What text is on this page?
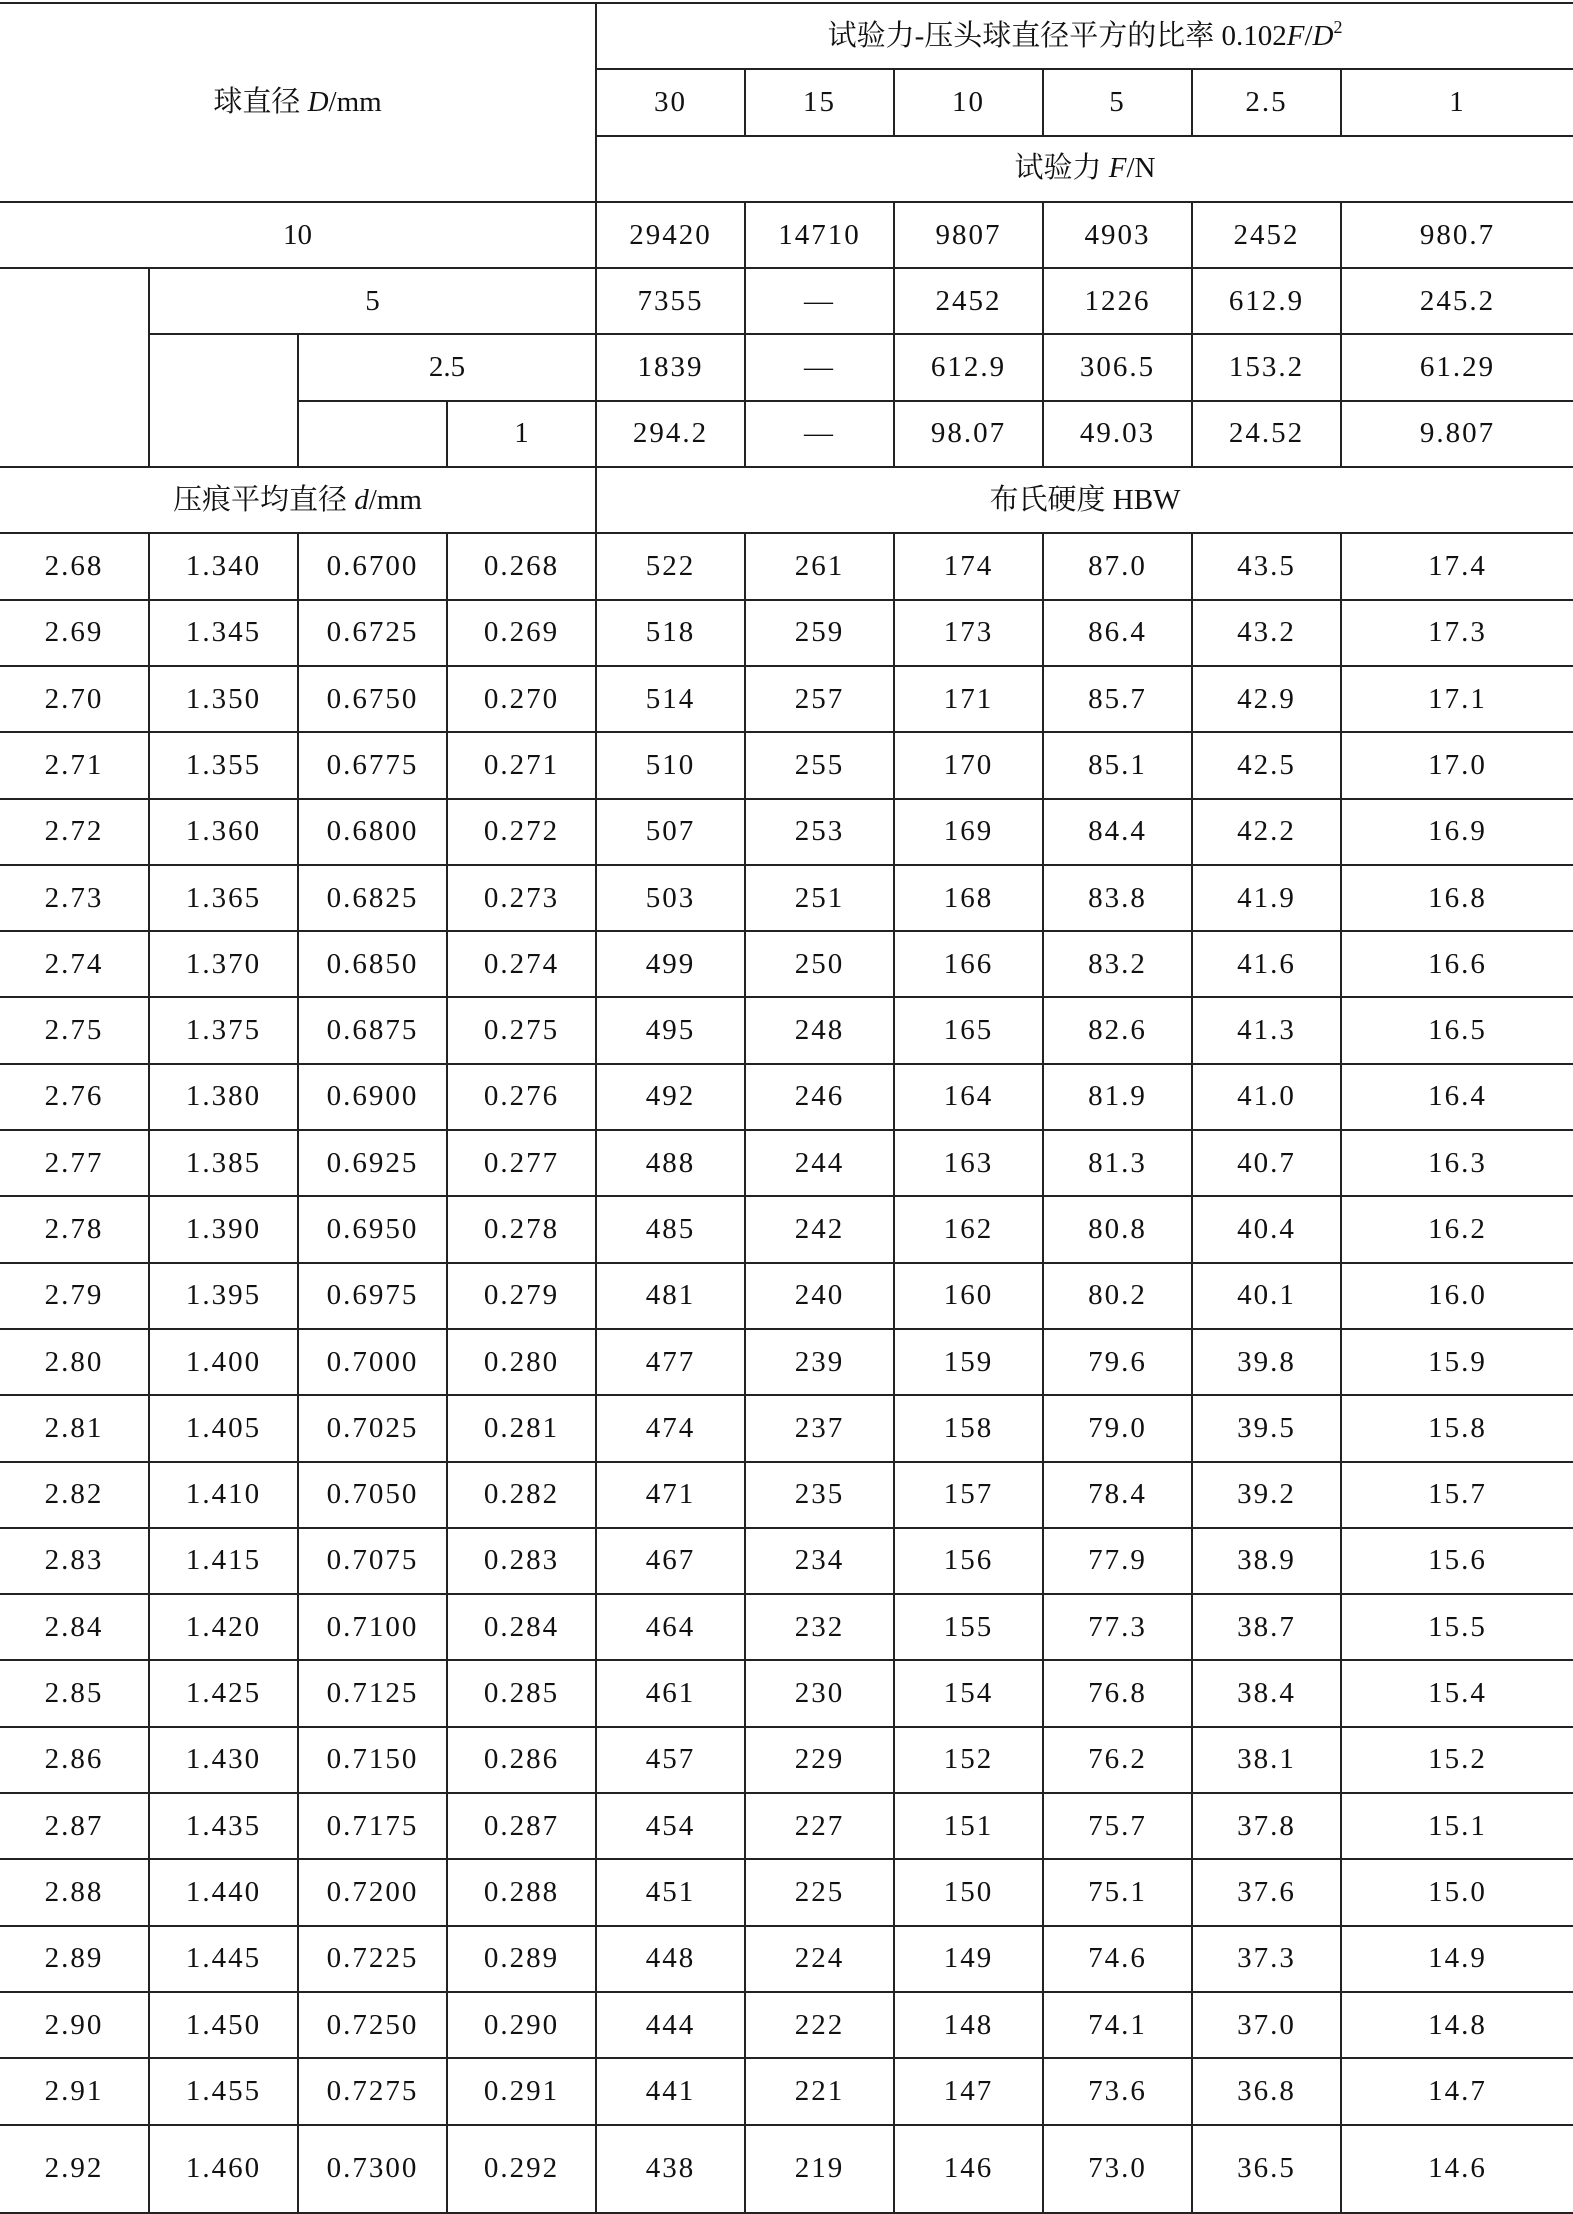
球直径 D/mm				试验力-压头球直径平方的比率 $0.102F/D^2$
				30	15	10	5	2.5	1
				试验力 F/N					
10				29420	14710	9807	4903	2452	980.7
	5			7355	—	2452	1226	612.9	245.2
		2.5		1839	—	612.9	306.5	153.2	61.29
			1	294.2	—	98.07	49.03	24.52	9.807
压痕平均直径 d/mm				布氏硬度 HBW					
2.68	1.340	0.6700	0.268	522	261	174	87.0	43.5	17.4
2.69	1.345	0.6725	0.269	518	259	173	86.4	43.2	17.3
2.70	1.350	0.6750	0.270	514	257	171	85.7	42.9	17.1
2.71	1.355	0.6775	0.271	510	255	170	85.1	42.5	17.0
2.72	1.360	0.6800	0.272	507	253	169	84.4	42.2	16.9
2.73	1.365	0.6825	0.273	503	251	168	83.8	41.9	16.8
2.74	1.370	0.6850	0.274	499	250	166	83.2	41.6	16.6
2.75	1.375	0.6875	0.275	495	248	165	82.6	41.3	16.5
2.76	1.380	0.6900	0.276	492	246	164	81.9	41.0	16.4
2.77	1.385	0.6925	0.277	488	244	163	81.3	40.7	16.3
2.78	1.390	0.6950	0.278	485	242	162	80.8	40.4	16.2
2.79	1.395	0.6975	0.279	481	240	160	80.2	40.1	16.0
2.80	1.400	0.7000	0.280	477	239	159	79.6	39.8	15.9
2.81	1.405	0.7025	0.281	474	237	158	79.0	39.5	15.8
2.82	1.410	0.7050	0.282	471	235	157	78.4	39.2	15.7
2.83	1.415	0.7075	0.283	467	234	156	77.9	38.9	15.6
2.84	1.420	0.7100	0.284	464	232	155	77.3	38.7	15.5
2.85	1.425	0.7125	0.285	461	230	154	76.8	38.4	15.4
2.86	1.430	0.7150	0.286	457	229	152	76.2	38.1	15.2
2.87	1.435	0.7175	0.287	454	227	151	75.7	37.8	15.1
2.88	1.440	0.7200	0.288	451	225	150	75.1	37.6	15.0
2.89	1.445	0.7225	0.289	448	224	149	74.6	37.3	14.9
2.90	1.450	0.7250	0.290	444	222	148	74.1	37.0	14.8
2.91	1.455	0.7275	0.291	441	221	147	73.6	36.8	14.7
2.92	1.460	0.7300	0.292	438	219	146	73.0	36.5	14.6
